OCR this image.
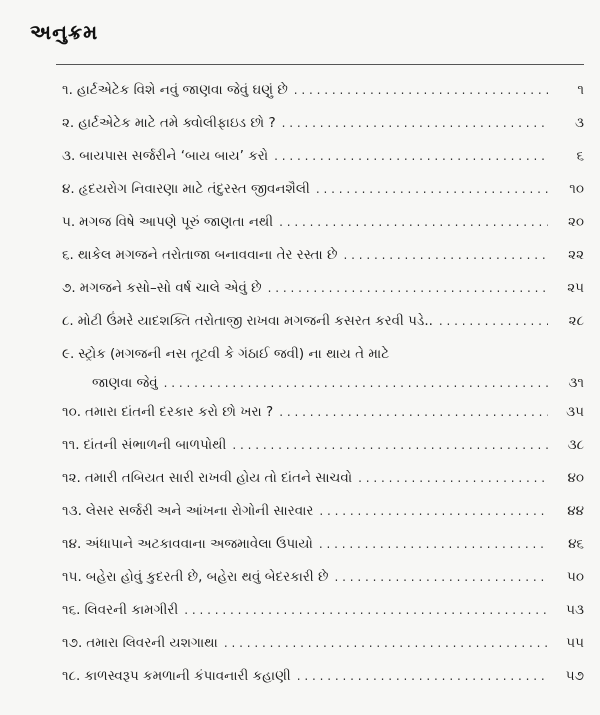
અનુક્રમ
૧. હાર્ટએટેક વિશે નવું જાણવા જેવું ઘણું છે . . .	૧
૨. હાર્ટએટેક માટે તમે ક્વોલીફાઇડ છો ? . . .	૩
૩. બાયપાસ સર્જરીને ‘બાય બાય’ કરો . . .	૬
૪. હૃદયરોગ નિવારણા માટે તંદુરસ્ત જીવનશૈલી . . .	૧૦
૫. મગજ વિષે આપણે પૂરું જાણતા નથી . . .	૨૦
૬. થાકેલ મગજને તરોતાજા બનાવવાના તેર રસ્તા છે . . .	૨૨
૭. મગજને કસો–સો વર્ષ ચાલે એવું છે . . .	૨૫
૮. મોટી ઉંમરે યાદશક્તિ તરોતાજી રાખવા મગજની કસરત કરવી પડે.. . . .	૨૮
૯. સ્ટ્રોક (મગજની નસ તૂટવી કે ગંઠાઈ જવી) ના થાય તે માટે
જાણવા જેવું . . .	૩૧
૧૦. તમારા દાંતની દરકાર કરો છો ખરા ? . . .	૩૫
૧૧. દાંતની સંભાળની બાળપોથી . . .	૩૮
૧૨. તમારી તબિયત સારી રાખવી હોય તો દાંતને સાચવો . . .	૪૦
૧૩. લેસર સર્જરી અને આંખના રોગોની સારવાર . . .	૪૪
૧૪. અંધાપાને અટકાવવાના અજમાવેલા ઉપાયો . . .	૪૬
૧૫. બહેરા હોવું કુદરતી છે, બહેરા થવું બેદરકારી છે . . .	૫૦
૧૬. લિવરની કામગીરી . . .	૫૩
૧૭. તમારા લિવરની યશગાથા . . .	૫૫
૧૮. કાળસ્વરૂપ કમળાની કંપાવનારી કહાણી . . .	૫૭
